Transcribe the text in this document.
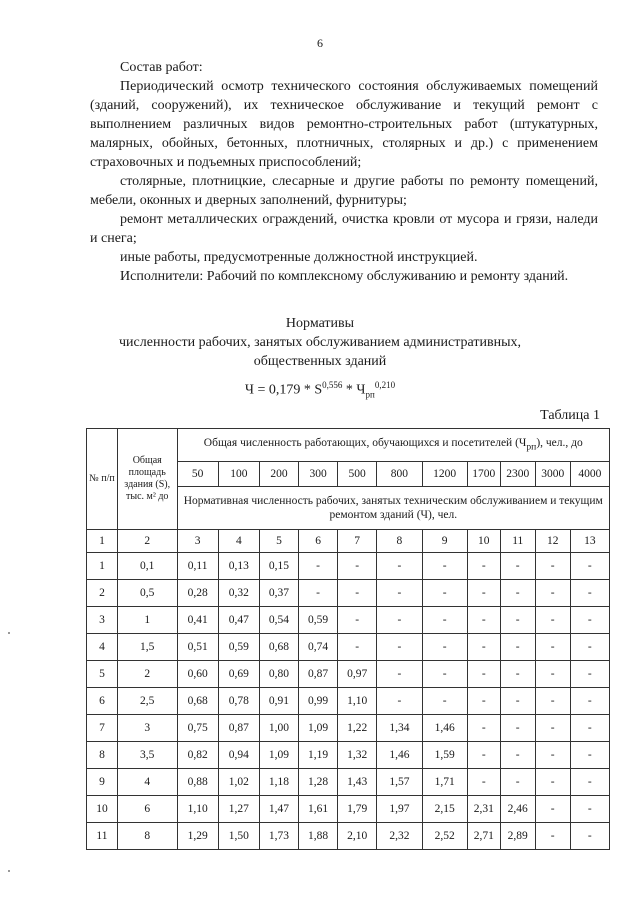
6

Состав работ:

Периодический осмотр технического состояния обслуживаемых помещений (зданий, сооружений), их техническое обслуживание и текущий ремонт с выполнением различных видов ремонтно-строительных работ (штукатурных, малярных, обойных, бетонных, плотничных, столярных и др.) с применением страховочных и подъемных приспособлений;

столярные, плотницкие, слесарные и другие работы по ремонту помещений, мебели, оконных и дверных заполнений, фурнитуры;

ремонт металлических ограждений, очистка кровли от мусора и грязи, наледи и снега;

иные работы, предусмотренные должностной инструкцией.

Исполнители: Рабочий по комплексному обслуживанию и ремонту зданий.

Нормативы
численности рабочих, занятых обслуживанием административных,
общественных зданий
$Ч = 0,179 * S^{0,556} * Ч_{рп}^{0,210}$
Таблица 1
№ п/п	Общая площадь здания (S), тыс. м² до	Общая численность работающих, обучающихся и посетителей $(Ч_{рп})$, чел., до										
		50	100	200	300	500	800	1200	1700	2300	3000	4000
		Нормативная численность рабочих, занятых техническим обслуживанием и текущим ремонтом зданий (Ч), чел.										
1	2	3	4	5	6	7	8	9	10	11	12	13
1	0,1	0,11	0,13	0,15	-	-	-	-	-	-	-	-
2	0,5	0,28	0,32	0,37	-	-	-	-	-	-	-	-
3	1	0,41	0,47	0,54	0,59	-	-	-	-	-	-	-
4	1,5	0,51	0,59	0,68	0,74	-	-	-	-	-	-	-
5	2	0,60	0,69	0,80	0,87	0,97	-	-	-	-	-	-
6	2,5	0,68	0,78	0,91	0,99	1,10	-	-	-	-	-	-
7	3	0,75	0,87	1,00	1,09	1,22	1,34	1,46	-	-	-	-
8	3,5	0,82	0,94	1,09	1,19	1,32	1,46	1,59	-	-	-	-
9	4	0,88	1,02	1,18	1,28	1,43	1,57	1,71	-	-	-	-
10	6	1,10	1,27	1,47	1,61	1,79	1,97	2,15	2,31	2,46	-	-
11	8	1,29	1,50	1,73	1,88	2,10	2,32	2,52	2,71	2,89	-	-
